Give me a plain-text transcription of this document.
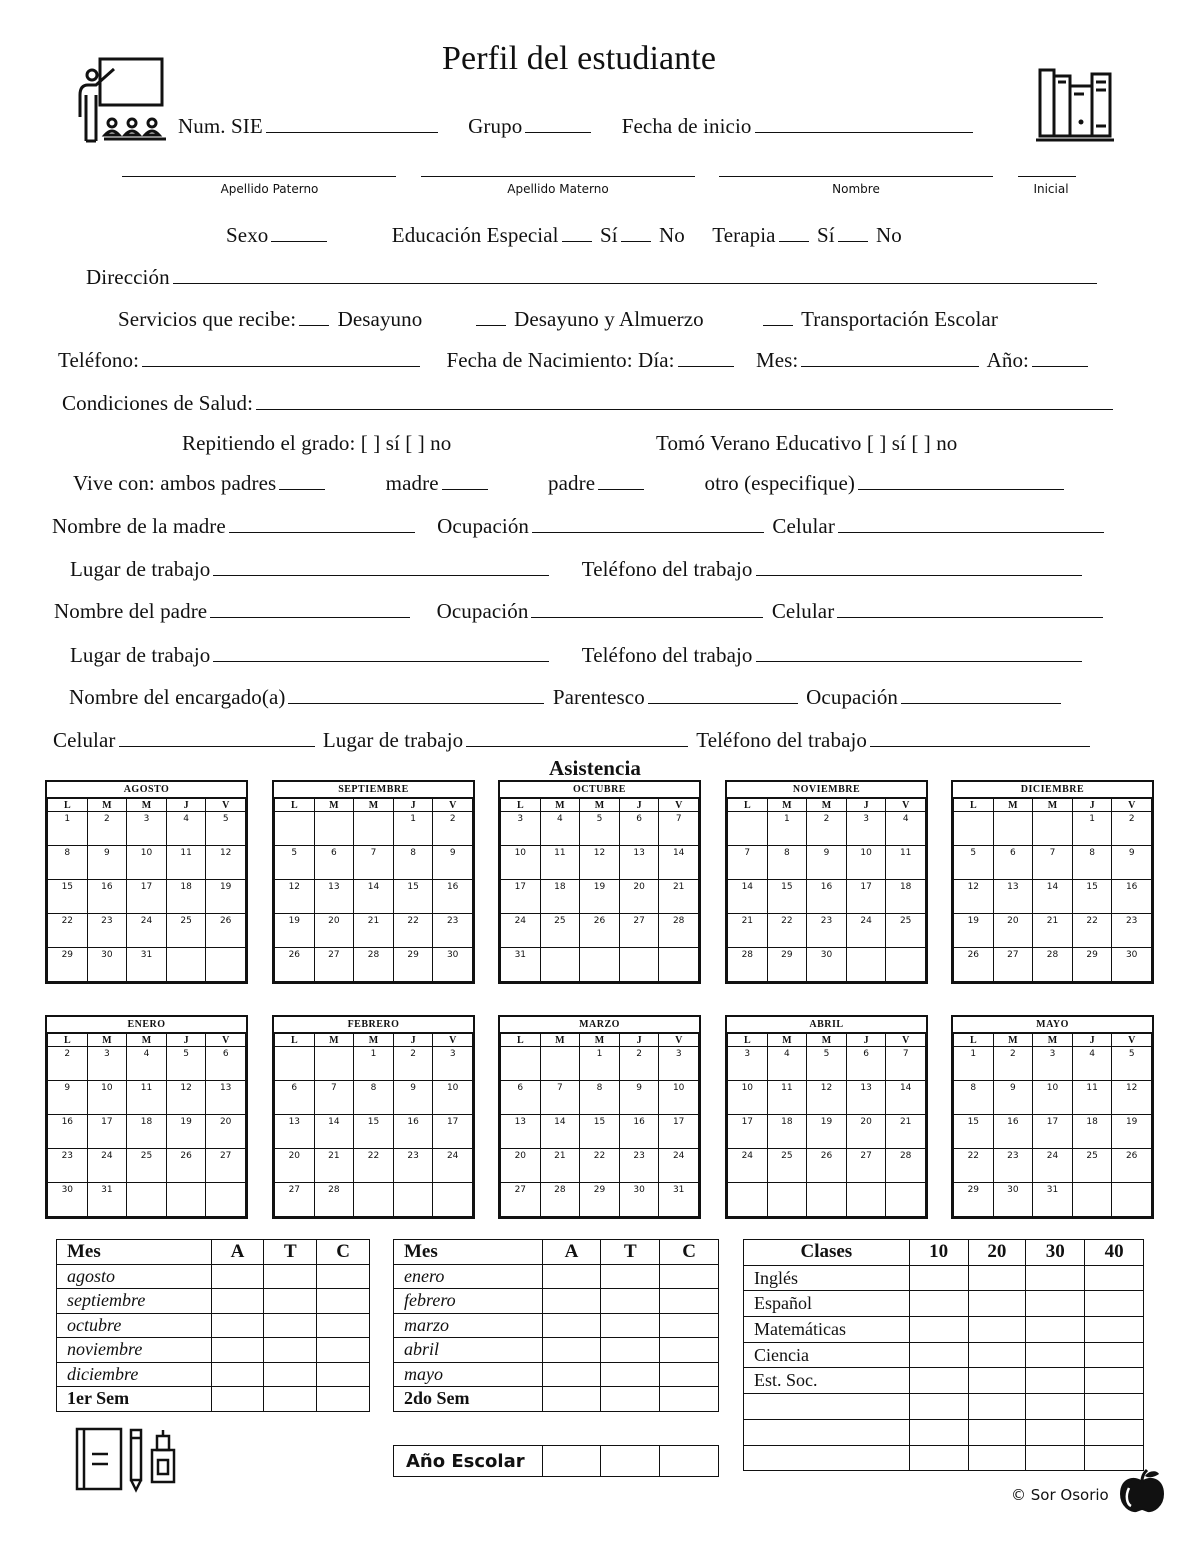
Perfil del estudiante
Num. SIE	Grupo	Fecha de inicio
Apellido Paterno	Apellido Materno	Nombre	Inicial
Sexo	Educación Especial Sí No Terapia Sí No
Dirección
Servicios que recibe: Desayuno	Desayuno y Almuerzo	Transportación Escolar
Teléfono:	Fecha de Nacimiento: Día:	Mes:	Año:
Condiciones de Salud:
Repitiendo el grado: [ ] sí [ ] no	Tomó Verano Educativo [ ] sí [ ] no
Vive con: ambos padres	madre	padre	otro (especifique)
Nombre de la madre	Ocupación	Celular
Lugar de trabajo	Teléfono del trabajo
Nombre del padre	Ocupación	Celular
Lugar de trabajo	Teléfono del trabajo
Nombre del encargado(a)	Parentesco	Ocupación
Celular	Lugar de trabajo	Teléfono del trabajo
Asistencia
AGOSTO
L	M	M	J	V
1	2	3	4	5
8	9	10	11	12
15	16	17	18	19
22	23	24	25	26
29	30	31		
SEPTIEMBRE
L	M	M	J	V
			1	2
5	6	7	8	9
12	13	14	15	16
19	20	21	22	23
26	27	28	29	30
OCTUBRE
L	M	M	J	V
3	4	5	6	7
10	11	12	13	14
17	18	19	20	21
24	25	26	27	28
31				
NOVIEMBRE
L	M	M	J	V
	1	2	3	4
7	8	9	10	11
14	15	16	17	18
21	22	23	24	25
28	29	30		
DICIEMBRE
L	M	M	J	V
			1	2
5	6	7	8	9
12	13	14	15	16
19	20	21	22	23
26	27	28	29	30
ENERO
L	M	M	J	V
2	3	4	5	6
9	10	11	12	13
16	17	18	19	20
23	24	25	26	27
30	31			
FEBRERO
L	M	M	J	V
		1	2	3
6	7	8	9	10
13	14	15	16	17
20	21	22	23	24
27	28			
MARZO
L	M	M	J	V
		1	2	3
6	7	8	9	10
13	14	15	16	17
20	21	22	23	24
27	28	29	30	31
ABRIL
L	M	M	J	V
3	4	5	6	7
10	11	12	13	14
17	18	19	20	21
24	25	26	27	28

MAYO
L	M	M	J	V
1	2	3	4	5
8	9	10	11	12
15	16	17	18	19
22	23	24	25	26
29	30	31		
Mes	A	T	C
agosto			
septiembre			
octubre			
noviembre			
diciembre			
1er Sem			
Mes	A	T	C
enero			
febrero			
marzo			
abril			
mayo			
2do Sem			
Año Escolar			
Clases	10	20	30	40
Inglés				
Español				
Matemáticas				
Ciencia				
Est. Soc.				

© Sor Osorio
